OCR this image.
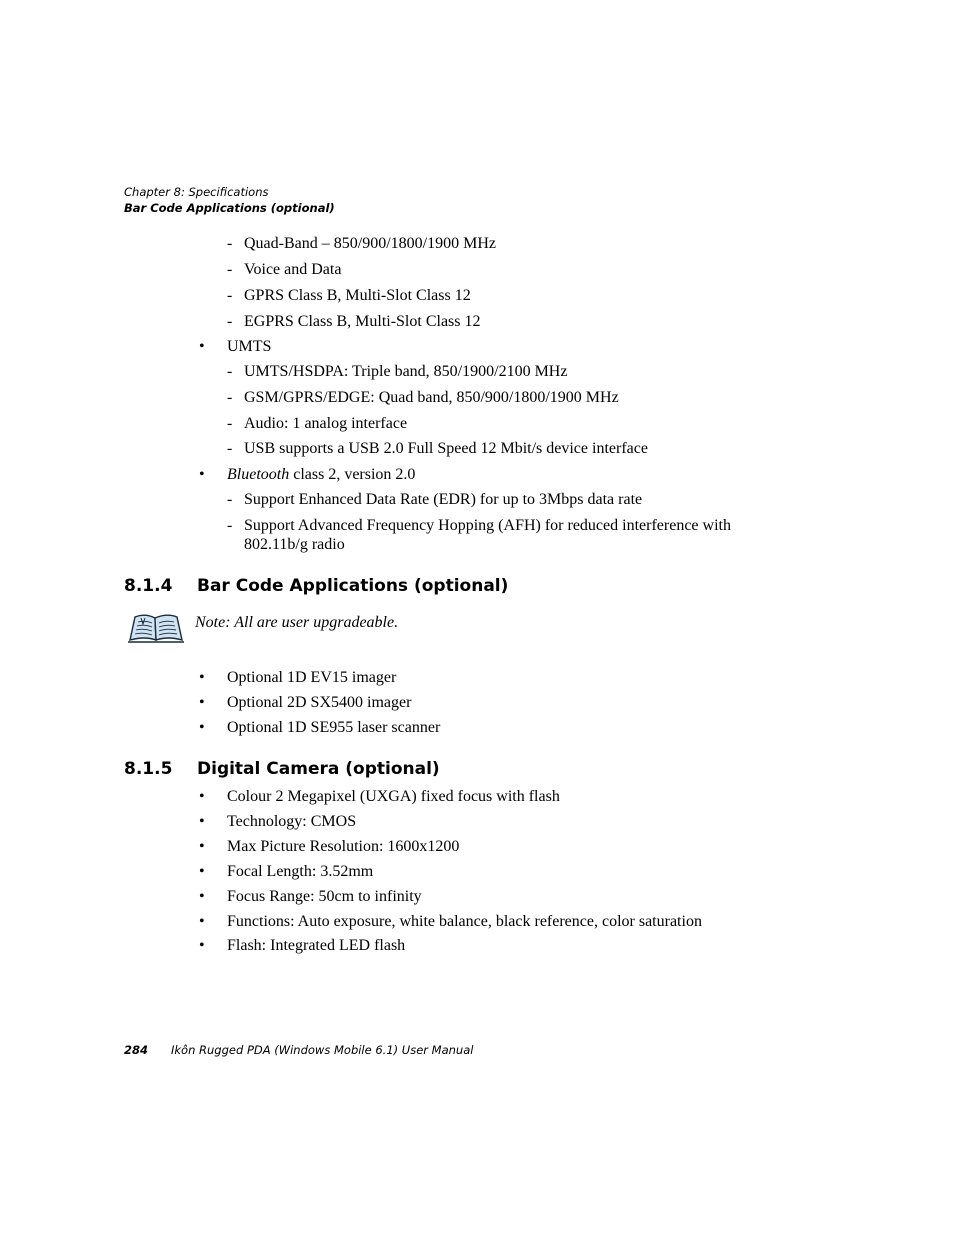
Chapter 8: Specifications
Bar Code Applications (optional)
- Quad-Band – 850/900/1800/1900 MHz
- Voice and Data
- GPRS Class B, Multi-Slot Class 12
- EGPRS Class B, Multi-Slot Class 12
• UMTS
- UMTS/HSDPA: Triple band, 850/1900/2100 MHz
- GSM/GPRS/EDGE: Quad band, 850/900/1800/1900 MHz
- Audio: 1 analog interface
- USB supports a USB 2.0 Full Speed 12 Mbit/s device interface
• Bluetooth class 2, version 2.0
- Support Enhanced Data Rate (EDR) for up to 3Mbps data rate
- Support Advanced Frequency Hopping (AFH) for reduced interference with
802.11b/g radio
8.1.4 Bar Code Applications (optional)
Note: All are user upgradeable.
• Optional 1D EV15 imager
• Optional 2D SX5400 imager
• Optional 1D SE955 laser scanner
8.1.5 Digital Camera (optional)
• Colour 2 Megapixel (UXGA) fixed focus with flash
• Technology: CMOS
• Max Picture Resolution: 1600x1200
• Focal Length: 3.52mm
• Focus Range: 50cm to infinity
• Functions: Auto exposure, white balance, black reference, color saturation
• Flash: Integrated LED flash
284 Ikôn Rugged PDA (Windows Mobile 6.1) User Manual
